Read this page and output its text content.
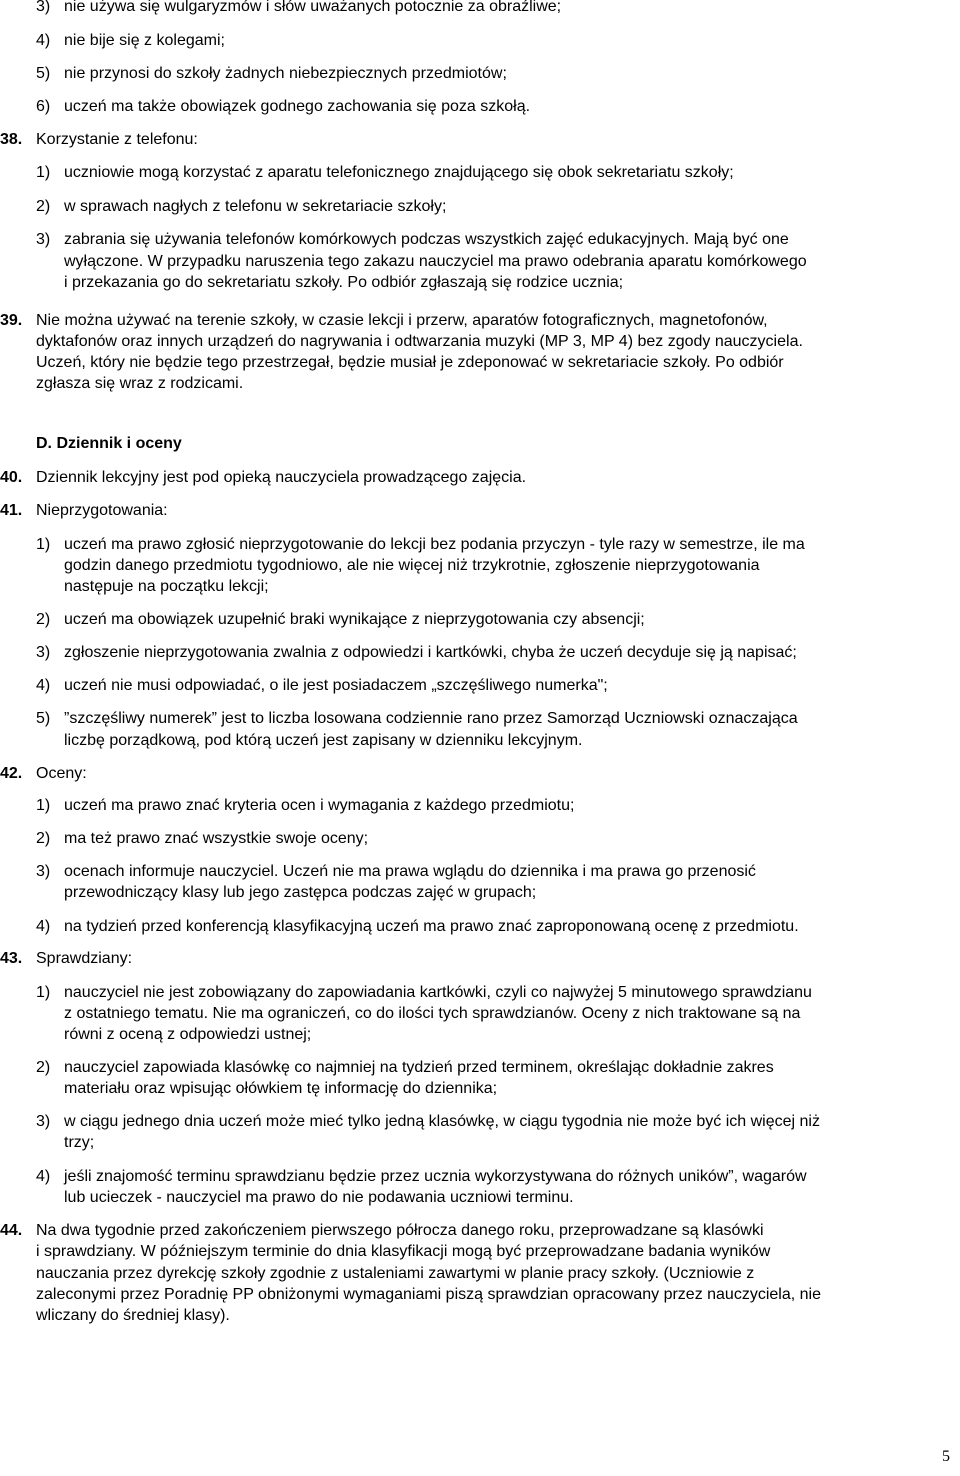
3) nie używa się wulgaryzmów i słów uważanych potocznie za obraźliwe;
4) nie bije się z kolegami;
5) nie przynosi do szkoły żadnych niebezpiecznych przedmiotów;
6) uczeń ma także obowiązek godnego zachowania się poza szkołą.
38. Korzystanie z telefonu:
1) uczniowie mogą korzystać z aparatu telefonicznego znajdującego się obok sekretariatu szkoły;
2) w sprawach nagłych z telefonu w sekretariacie szkoły;
3) zabrania się używania telefonów komórkowych podczas wszystkich zajęć edukacyjnych. Mają być one
wyłączone. W przypadku naruszenia tego zakazu nauczyciel ma prawo odebrania aparatu komórkowego
i przekazania go do sekretariatu szkoły. Po odbiór zgłaszają się rodzice ucznia;
39. Nie można używać na terenie szkoły, w czasie lekcji i przerw, aparatów fotograficznych, magnetofonów,
dyktafonów oraz innych urządzeń do nagrywania i odtwarzania muzyki (MP 3, MP 4) bez zgody nauczyciela.
Uczeń, który nie będzie tego przestrzegał, będzie musiał je zdeponować w sekretariacie szkoły. Po odbiór
zgłasza się wraz z rodzicami.
D. Dziennik i oceny
40. Dziennik lekcyjny jest pod opieką nauczyciela prowadzącego zajęcia.
41. Nieprzygotowania:
1) uczeń ma prawo zgłosić nieprzygotowanie do lekcji bez podania przyczyn - tyle razy w semestrze, ile ma
godzin danego przedmiotu tygodniowo, ale nie więcej niż trzykrotnie, zgłoszenie nieprzygotowania
następuje na początku lekcji;
2) uczeń ma obowiązek uzupełnić braki wynikające z nieprzygotowania czy absencji;
3) zgłoszenie nieprzygotowania zwalnia z odpowiedzi i kartkówki, chyba że uczeń decyduje się ją napisać;
4) uczeń nie musi odpowiadać, o ile jest posiadaczem „szczęśliwego numerka";
5) ”szczęśliwy numerek” jest to liczba losowana codziennie rano przez Samorząd Uczniowski oznaczająca
liczbę porządkową, pod którą uczeń jest zapisany w dzienniku lekcyjnym.
42. Oceny:
1) uczeń ma prawo znać kryteria ocen i wymagania z każdego przedmiotu;
2) ma też prawo znać wszystkie swoje oceny;
3) ocenach informuje nauczyciel. Uczeń nie ma prawa wglądu do dziennika i ma prawa go przenosić
przewodniczący klasy lub jego zastępca podczas zajęć w grupach;
4) na tydzień przed konferencją klasyfikacyjną uczeń ma prawo znać zaproponowaną ocenę z przedmiotu.
43. Sprawdziany:
1) nauczyciel nie jest zobowiązany do zapowiadania kartkówki, czyli co najwyżej 5 minutowego sprawdzianu
z ostatniego tematu. Nie ma ograniczeń, co do ilości tych sprawdzianów. Oceny z nich traktowane są na
równi z oceną z odpowiedzi ustnej;
2) nauczyciel zapowiada klasówkę co najmniej na tydzień przed terminem, określając dokładnie zakres
materiału oraz wpisując ołówkiem tę informację do dziennika;
3) w ciągu jednego dnia uczeń może mieć tylko jedną klasówkę, w ciągu tygodnia nie może być ich więcej niż
trzy;
4) jeśli znajomość terminu sprawdzianu będzie przez ucznia wykorzystywana do różnych uników”, wagarów
lub ucieczek - nauczyciel ma prawo do nie podawania uczniowi terminu.
44. Na dwa tygodnie przed zakończeniem pierwszego półrocza danego roku, przeprowadzane są klasówki
i sprawdziany. W późniejszym terminie do dnia klasyfikacji mogą być przeprowadzane badania wyników
nauczania przez dyrekcję szkoły zgodnie z ustaleniami zawartymi w planie pracy szkoły. (Uczniowie z
zaleconymi przez Poradnię PP obniżonymi wymaganiami piszą sprawdzian opracowany przez nauczyciela, nie
wliczany do średniej klasy).
5
